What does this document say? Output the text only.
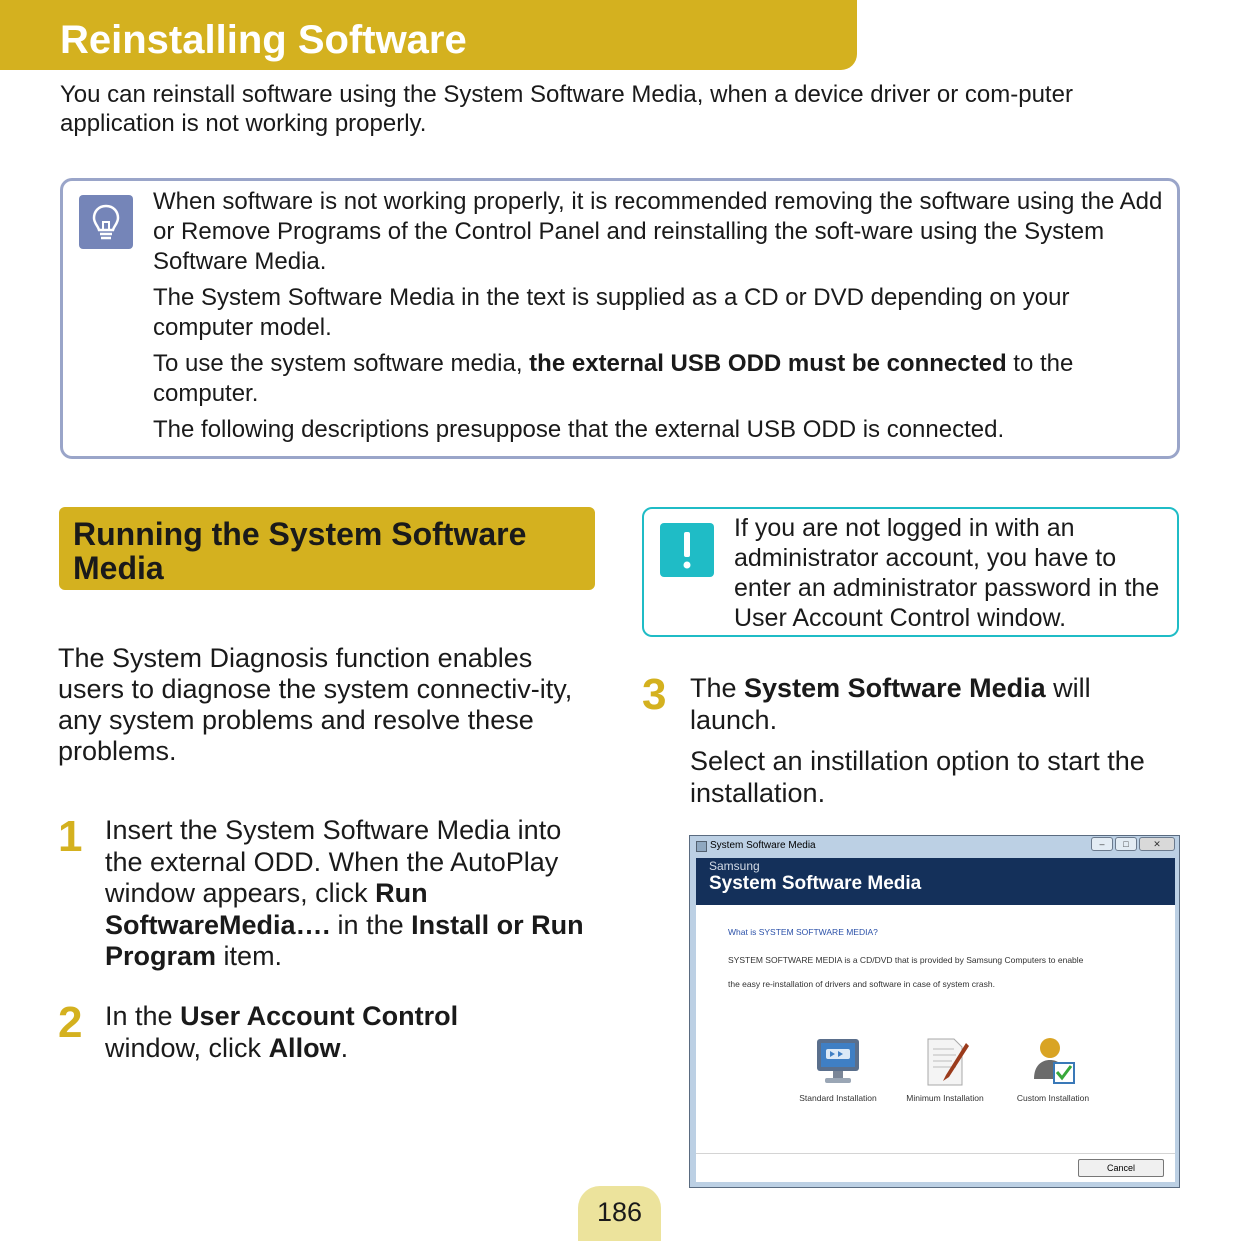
Reinstalling Software

You can reinstall software using the System Software Media, when a device driver or com-puter application is not working properly.

When software is not working properly, it is recommended removing the software using the Add or Remove Programs of the Control Panel and reinstalling the soft-ware using the System Software Media.

The System Software Media in the text is supplied as a CD or DVD depending on your computer model.

To use the system software media, the external USB ODD must be connected to the computer.

The following descriptions presuppose that the external USB ODD is connected.

Running the System Software Media

The System Diagnosis function enables users to diagnose the system connectiv-ity, any system problems and resolve these problems.

1 Insert the System Software Media into the external ODD. When the AutoPlay window appears, click Run SoftwareMedia…. in the Install or Run Program item.

2 In the User Account Control window, click Allow.

If you are not logged in with an administrator account, you have to enter an administrator password in the User Account Control window.

3 The System Software Media will launch.

Select an instillation option to start the installation.

System Software Media	–	□	✕
Samsung
System Software Media
What is SYSTEM SOFTWARE MEDIA?
SYSTEM SOFTWARE MEDIA is a CD/DVD that is provided by Samsung Computers to enable
the easy re-installation of drivers and software in case of system crash.
Standard Installation	Minimum Installation	Custom Installation
Cancel
186
